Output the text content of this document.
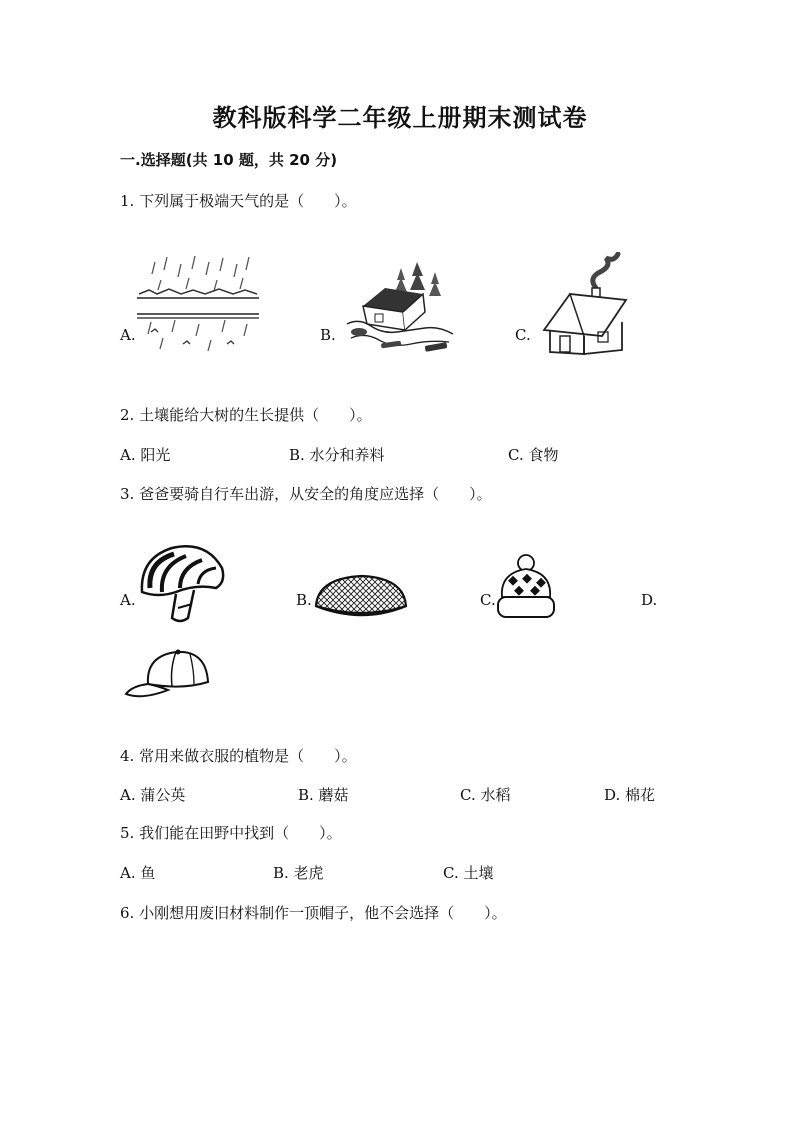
教科版科学二年级上册期末测试卷
一.选择题(共 10 题，共 20 分)
1. 下列属于极端天气的是（　　）。
A.	B.	C.
2. 土壤能给大树的生长提供（　　）。
A. 阳光	B. 水分和养料	C. 食物
3. 爸爸要骑自行车出游，从安全的角度应选择（　　）。
A.	B.	C.	D.
4. 常用来做衣服的植物是（　　）。
A. 蒲公英	B. 蘑菇	C. 水稻	D. 棉花
5. 我们能在田野中找到（　　）。
A. 鱼	B. 老虎	C. 土壤
6. 小刚想用废旧材料制作一顶帽子，他不会选择（　　）。
